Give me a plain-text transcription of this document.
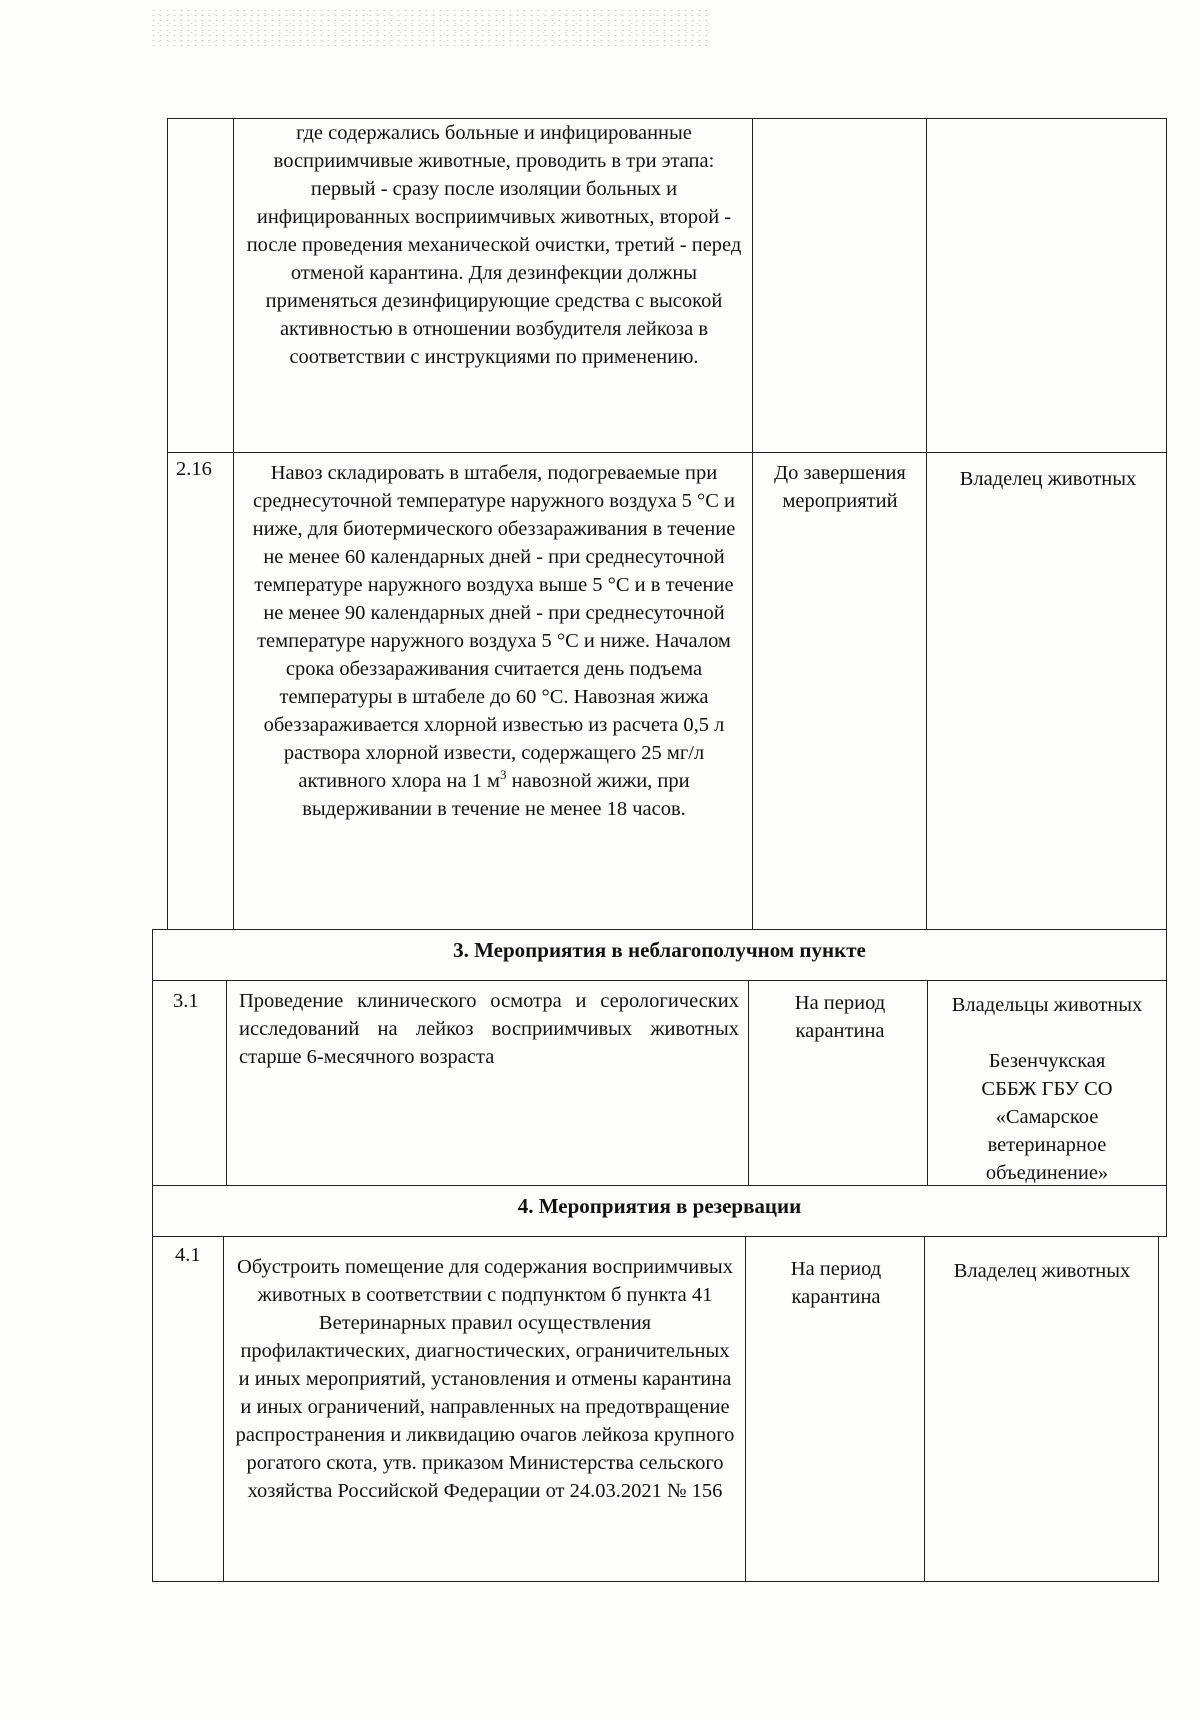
где содержались больные и инфицированные восприимчивые животные, проводить в три этапа: первый - сразу после изоляции больных и инфицированных восприимчивых животных, второй - после проведения механической очистки, третий - перед отменой карантина. Для дезинфекции должны применяться дезинфицирующие средства с высокой активностью в отношении возбудителя лейкоза в соответствии с инструкциями по применению.
2.16	Навоз складировать в штабеля, подогреваемые при среднесуточной температуре наружного воздуха 5 °С и ниже, для биотермического обеззараживания в течение не менее 60 календарных дней - при среднесуточной температуре наружного воздуха выше 5 °С и в течение не менее 90 календарных дней - при среднесуточной температуре наружного воздуха 5 °С и ниже. Началом срока обеззараживания считается день подъема температуры в штабеле до 60 °С. Навозная жижа обеззараживается хлорной известью из расчета 0,5 л раствора хлорной извести, содержащего 25 мг/л активного хлора на 1 $м^3$ навозной жижи, при выдерживании в течение не менее 18 часов.
До завершения мероприятий
Владелец животных
3. Мероприятия в неблагополучном пункте
3.1	Проведение клинического осмотра и серологических исследований на лейкоз восприимчивых животных старше 6-месячного возраста
На период карантина
Владельцы животных
Безенчукская СББЖ ГБУ СО «Самарское ветеринарное объединение»
4. Мероприятия в резервации
4.1
Обустроить помещение для содержания восприимчивых животных в соответствии с подпунктом б пункта 41 Ветеринарных правил осуществления профилактических, диагностических, ограничительных и иных мероприятий, установления и отмены карантина и иных ограничений, направленных на предотвращение распространения и ликвидацию очагов лейкоза крупного рогатого скота, утв. приказом Министерства сельского хозяйства Российской Федерации от 24.03.2021 № 156
На период карантина
Владелец животных
